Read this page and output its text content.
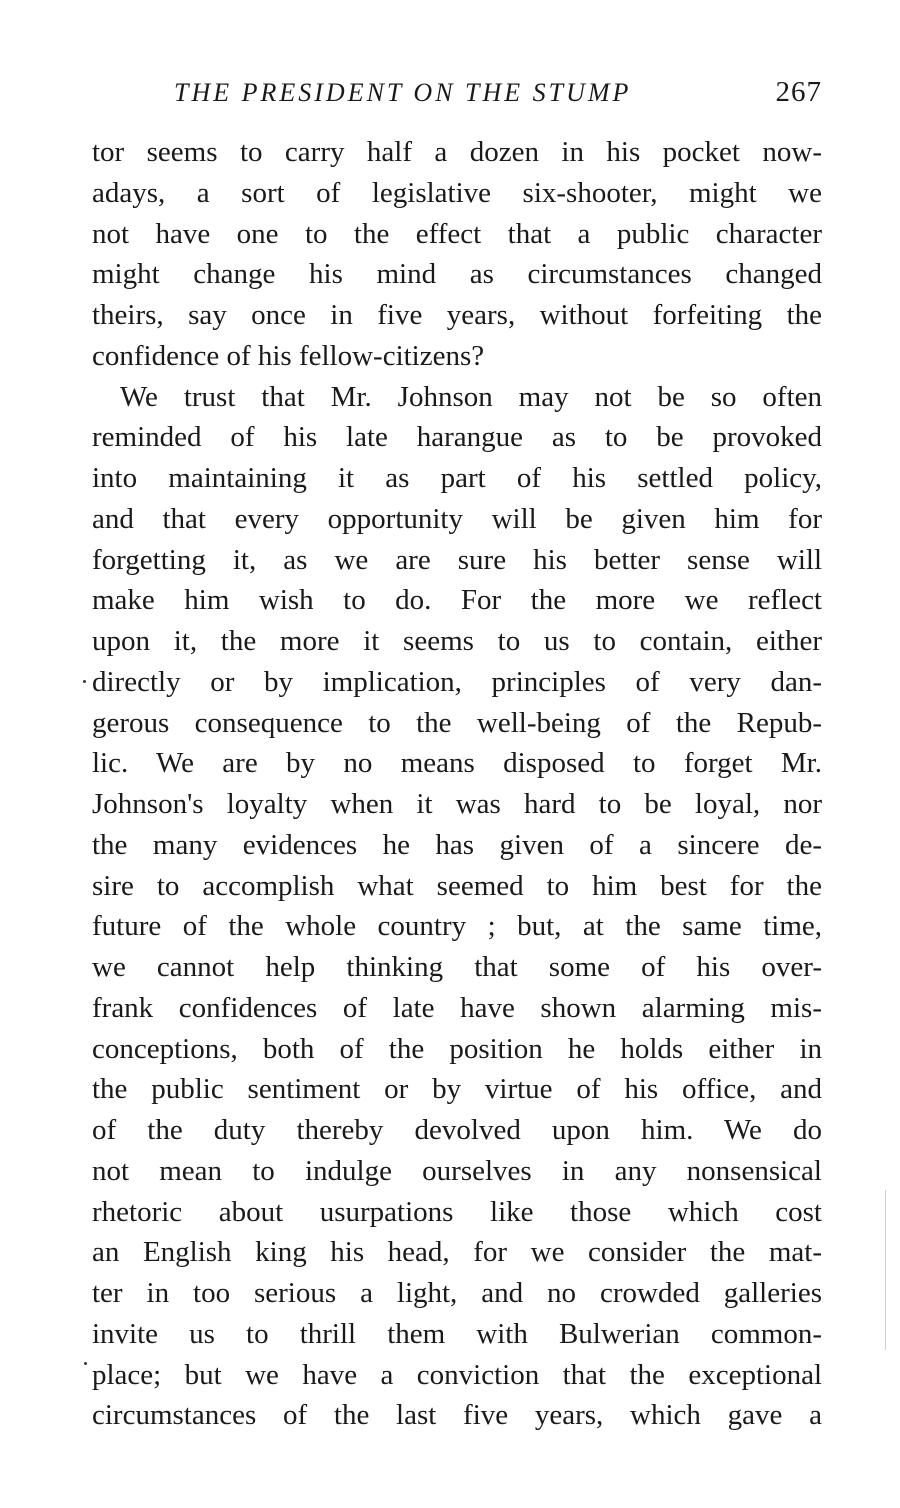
THE PRESIDENT ON THE STUMP	267
tor seems to carry half a dozen in his pocket now-
adays, a sort of legislative six-shooter, might we
not have one to the effect that a public character
might change his mind as circumstances changed
theirs, say once in five years, without forfeiting the
confidence of his fellow-citizens?
We trust that Mr. Johnson may not be so often
reminded of his late harangue as to be provoked
into maintaining it as part of his settled policy,
and that every opportunity will be given him for
forgetting it, as we are sure his better sense will
make him wish to do. For the more we reflect
upon it, the more it seems to us to contain, either
directly or by implication, principles of very dan-
gerous consequence to the well-being of the Repub-
lic. We are by no means disposed to forget Mr.
Johnson's loyalty when it was hard to be loyal, nor
the many evidences he has given of a sincere de-
sire to accomplish what seemed to him best for the
future of the whole country ; but, at the same time,
we cannot help thinking that some of his over-
frank confidences of late have shown alarming mis-
conceptions, both of the position he holds either in
the public sentiment or by virtue of his office, and
of the duty thereby devolved upon him. We do
not mean to indulge ourselves in any nonsensical
rhetoric about usurpations like those which cost
an English king his head, for we consider the mat-
ter in too serious a light, and no crowded galleries
invite us to thrill them with Bulwerian common-
place; but we have a conviction that the exceptional
circumstances of the last five years, which gave a
